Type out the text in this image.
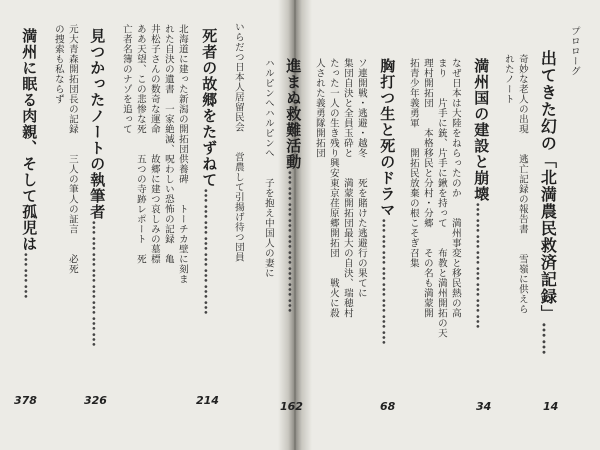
プロローグ
出てきた幻の「北満農民救済記録」……
14
奇妙な老人の出現　　逃亡記録の報告書　　雪嶺に供えら
れたノート
満州国の建設と崩壊……………………
34
なぜ日本は大陸をねらったのか　　満州事変と移民熱の高
まり　　片手に銃、片手に鍬を持って　　布教と満州開拓の天
理村開拓団　　本格移民と分村・分郷　　その名も満蒙開
拓青少年義勇軍　　開拓民放棄の根こそぎ召集
胸打つ生と死のドラマ……………………
68
ソ連開戦・逃避・越冬　　死を賭けた逃避行の果てに
集団自決と全員玉砕と　　満蒙開拓団最大の自決、瑞穂村
たった一人の生き残り興安東京荏原郷開拓団　　戦火に殺
人された義勇隊開拓団
進まぬ救難活動………………………
162
ハルピンへハルピンへ　　子を抱え中国人の妻に
いらだつ日本人居留民会　　営農して引揚げ待つ団員
死者の故郷をたずねて……………………
214
北海道に建った新潟の開拓団供養碑　　トーチカ壁に刻ま
れた自決の遺書　一家絶滅、呪わしい恐怖の記録　亀
井松子さんの数奇な運命　　故郷に建つ哀しみの墓標
ああ天望、この悲惨な死　　五つの寺跡レポート　死
亡者名簿のナゾを追って
見つかったノートの執筆者……………………
326
元大青森開拓団長の記録　　三人の筆人の証言　　必死
の捜索も私ならず
満州に眠る肉親、そして孤児は………
378
